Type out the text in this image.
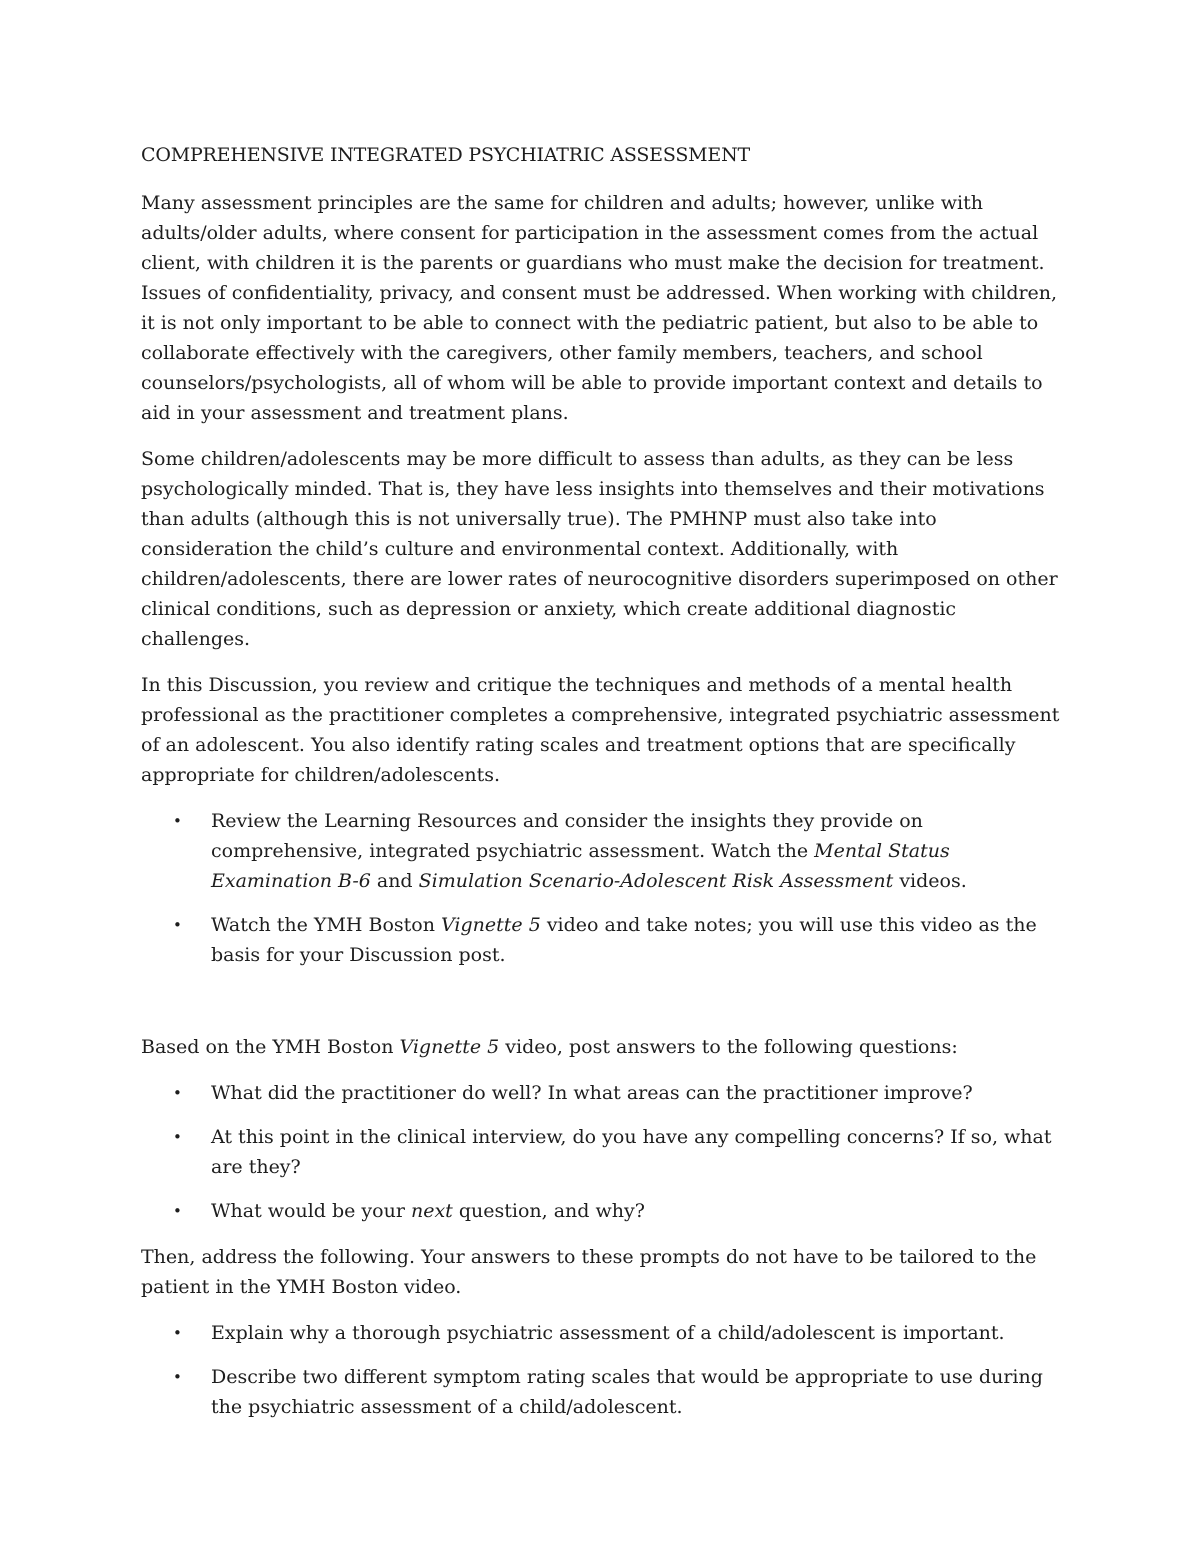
COMPREHENSIVE INTEGRATED PSYCHIATRIC ASSESSMENT

Many assessment principles are the same for children and adults; however, unlike with adults/older adults, where consent for participation in the assessment comes from the actual client, with children it is the parents or guardians who must make the decision for treatment. Issues of confidentiality, privacy, and consent must be addressed. When working with children, it is not only important to be able to connect with the pediatric patient, but also to be able to collaborate effectively with the caregivers, other family members, teachers, and school counselors/psychologists, all of whom will be able to provide important context and details to aid in your assessment and treatment plans.

Some children/adolescents may be more difficult to assess than adults, as they can be less psychologically minded. That is, they have less insights into themselves and their motivations than adults (although this is not universally true). The PMHNP must also take into consideration the child’s culture and environmental context. Additionally, with children/adolescents, there are lower rates of neurocognitive disorders superimposed on other clinical conditions, such as depression or anxiety, which create additional diagnostic challenges.

In this Discussion, you review and critique the techniques and methods of a mental health professional as the practitioner completes a comprehensive, integrated psychiatric assessment of an adolescent. You also identify rating scales and treatment options that are specifically appropriate for children/adolescents.

• Review the Learning Resources and consider the insights they provide on comprehensive, integrated psychiatric assessment. Watch the Mental Status Examination B-6 and Simulation Scenario-Adolescent Risk Assessment videos.
• Watch the YMH Boston Vignette 5 video and take notes; you will use this video as the basis for your Discussion post.

Based on the YMH Boston Vignette 5 video, post answers to the following questions:

• What did the practitioner do well? In what areas can the practitioner improve?
• At this point in the clinical interview, do you have any compelling concerns? If so, what are they?
• What would be your next question, and why?

Then, address the following. Your answers to these prompts do not have to be tailored to the patient in the YMH Boston video.

• Explain why a thorough psychiatric assessment of a child/adolescent is important.
• Describe two different symptom rating scales that would be appropriate to use during the psychiatric assessment of a child/adolescent.
